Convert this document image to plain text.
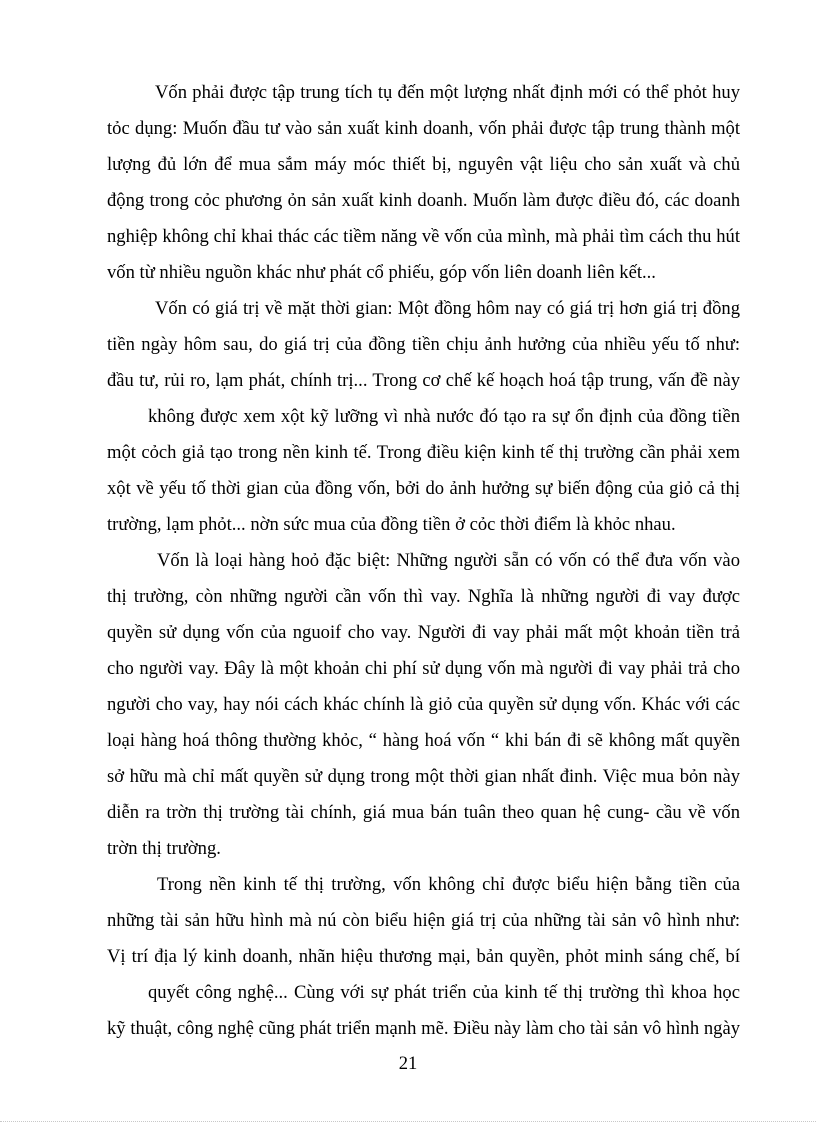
Vốn phải được tập trung tích tụ đến một lượng nhất định mới có thể phỏt huy
tỏc dụng: Muốn đầu tư vào sản xuất kinh doanh, vốn phải được tập trung thành một
lượng đủ lớn để mua sắm máy móc thiết bị, nguyên vật liệu cho sản xuất và chủ
động trong cỏc phương ỏn sản xuất kinh doanh. Muốn làm được điều đó, các doanh
nghiệp không chỉ khai thác các tiềm năng về vốn của mình, mà phải tìm cách thu hút
vốn từ nhiều nguồn khác như phát cổ phiếu, góp vốn liên doanh liên kết...
Vốn có giá trị về mặt thời gian: Một đồng hôm nay có giá trị hơn giá trị đồng
tiền ngày hôm sau, do giá trị của đồng tiền chịu ảnh hưởng của nhiều yếu tố như:
đầu tư, rủi ro, lạm phát, chính trị... Trong cơ chế kế hoạch hoá tập trung, vấn đề này
không được xem xột kỹ lưỡng vì nhà nước đó tạo ra sự ổn định của đồng tiền
một cỏch giả tạo trong nền kinh tế. Trong điều kiện kinh tế thị trường cần phải xem
xột về yếu tố thời gian của đồng vốn, bởi do ảnh hưởng sự biến động của giỏ cả thị
trường, lạm phỏt... nờn sức mua của đồng tiền ở cỏc thời điểm là khỏc nhau.
Vốn là loại hàng hoỏ đặc biệt: Những người sẵn có vốn có thể đưa vốn vào
thị trường, còn những người cần vốn thì vay. Nghĩa là những người đi vay được
quyền sử dụng vốn của nguoif cho vay. Người đi vay phải mất một khoản tiền trả
cho người vay. Đây là một khoản chi phí sử dụng vốn mà người đi vay phải trả cho
người cho vay, hay nói cách khác chính là giỏ của quyền sử dụng vốn. Khác với các
loại hàng hoá thông thường khỏc, “ hàng hoá vốn “ khi bán đi sẽ không mất quyền
sở hữu mà chỉ mất quyền sử dụng trong một thời gian nhất đinh. Việc mua bỏn này
diễn ra trờn thị trường tài chính, giá mua bán tuân theo quan hệ cung- cầu về vốn
trờn thị trường.
Trong nền kinh tế thị trường, vốn không chỉ được biểu hiện bằng tiền của
những tài sản hữu hình mà nú còn biểu hiện giá trị của những tài sản vô hình như:
Vị trí địa lý kinh doanh, nhãn hiệu thương mại, bản quyền, phỏt minh sáng chế, bí
quyết công nghệ... Cùng với sự phát triển của kinh tế thị trường thì khoa học
kỹ thuật, công nghệ cũng phát triển mạnh mẽ. Điều này làm cho tài sản vô hình ngày
21
